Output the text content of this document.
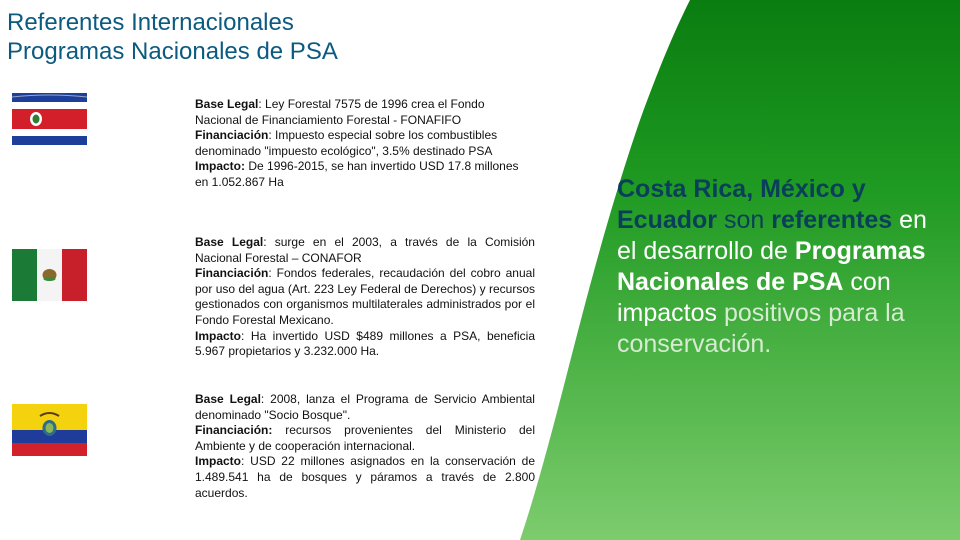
Referentes Internacionales
Programas Nacionales de PSA

Base Legal: Ley Forestal 7575 de 1996 crea el Fondo Nacional de Financiamiento Forestal - FONAFIFO

Financiación: Impuesto especial sobre los combustibles denominado "impuesto ecológico", 3.5% destinado PSA

Impacto: De 1996-2015, se han invertido USD 17.8 millones en 1.052.867 Ha

Base Legal: surge en el 2003, a través de la Comisión Nacional Forestal – CONAFOR

Financiación: Fondos federales, recaudación del cobro anual por uso del agua (Art. 223 Ley Federal de Derechos) y recursos gestionados con organismos multilaterales administrados por el Fondo Forestal Mexicano.

Impacto: Ha invertido USD $489 millones a PSA, beneficia 5.967 propietarios y 3.232.000 Ha.

Base Legal: 2008, lanza el Programa de Servicio Ambiental denominado "Socio Bosque".

Financiación: recursos provenientes del Ministerio del Ambiente y de cooperación internacional.

Impacto: USD 22 millones asignados en la conservación de 1.489.541 ha de bosques y páramos a través de 2.800 acuerdos.

Costa Rica, México y Ecuador son referentes en el desarrollo de Programas Nacionales de PSA con impactos positivos para la conservación.
